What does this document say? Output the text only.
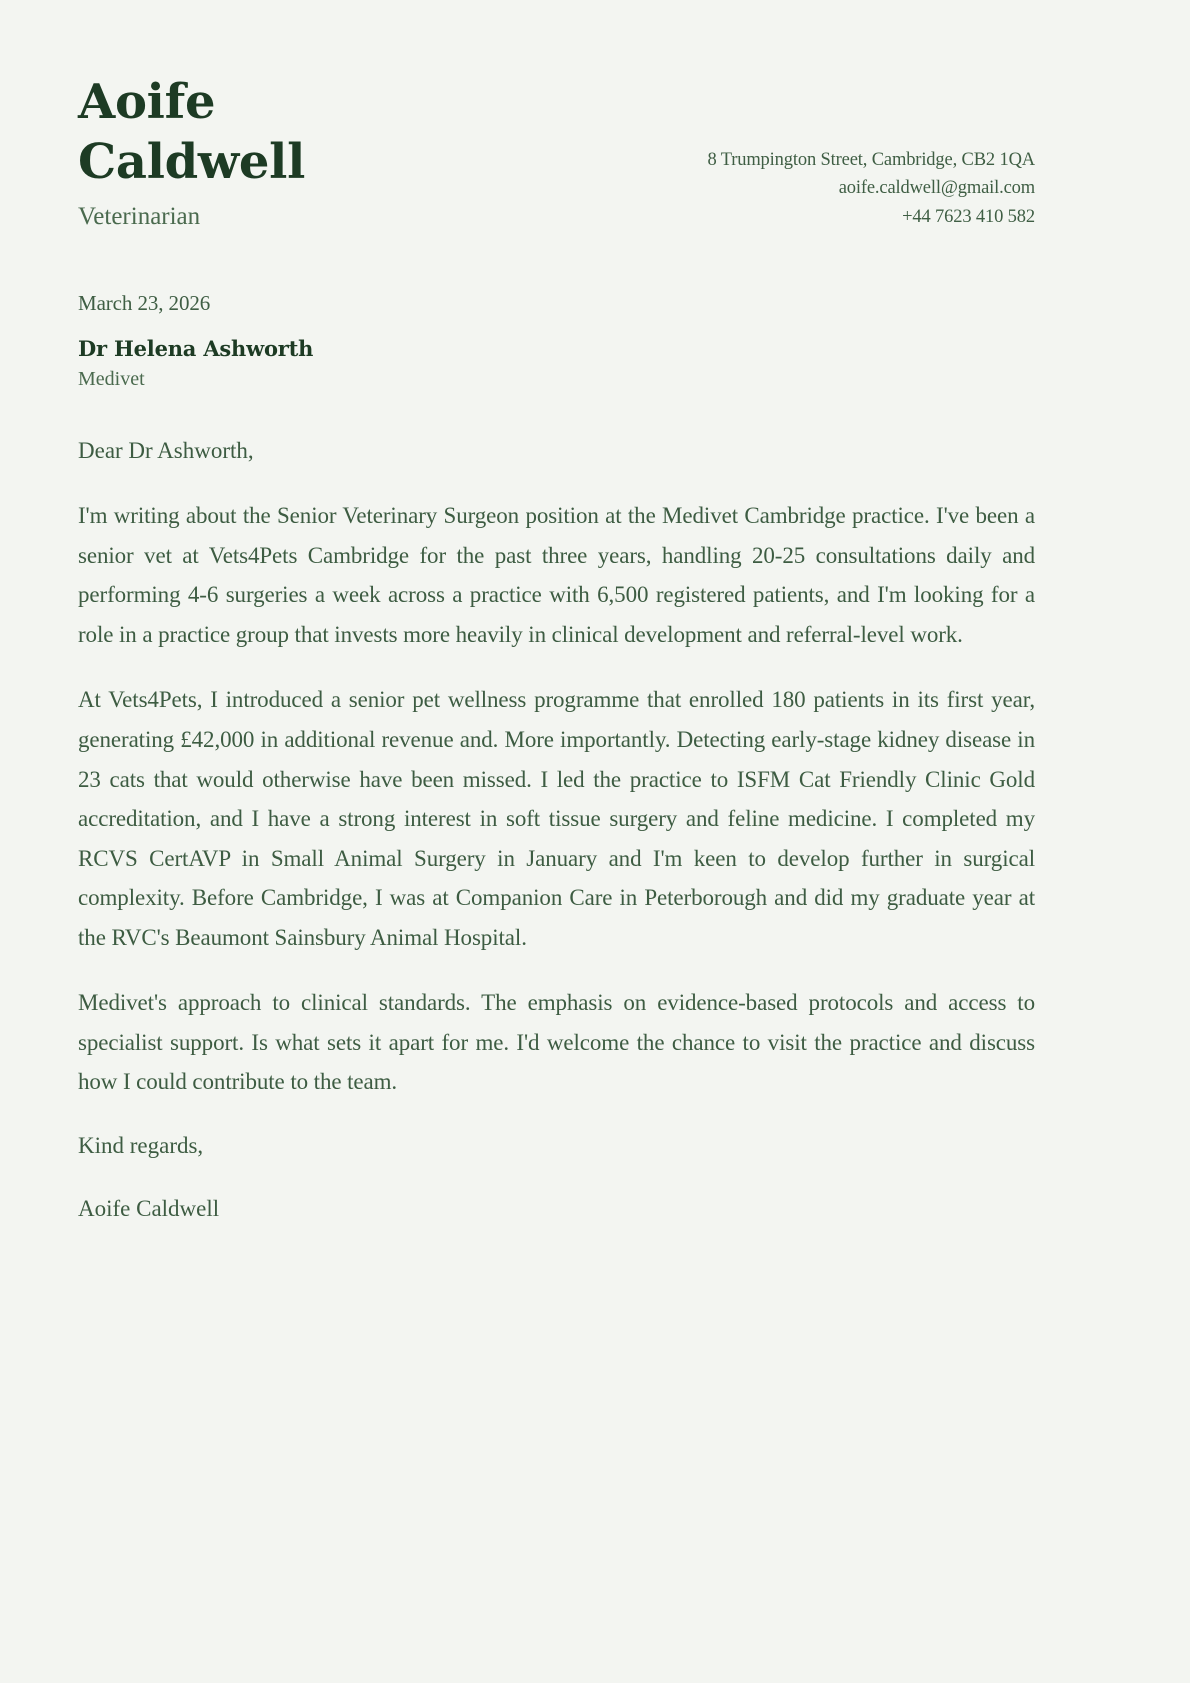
Aoife Caldwell
Veterinarian
8 Trumpington Street, Cambridge, CB2 1QA
aoife.caldwell@gmail.com
+44 7623 410 582
March 23, 2026
Dr Helena Ashworth
Medivet
Dear Dr Ashworth,

I'm writing about the Senior Veterinary Surgeon position at the Medivet Cambridge practice. I've been a senior vet at Vets4Pets Cambridge for the past three years, handling 20-25 consultations daily and performing 4-6 surgeries a week across a practice with 6,500 registered patients, and I'm looking for a role in a practice group that invests more heavily in clinical development and referral-level work.

At Vets4Pets, I introduced a senior pet wellness programme that enrolled 180 patients in its first year, generating £42,000 in additional revenue and. More importantly. Detecting early-stage kidney disease in 23 cats that would otherwise have been missed. I led the practice to ISFM Cat Friendly Clinic Gold accreditation, and I have a strong interest in soft tissue surgery and feline medicine. I completed my RCVS CertAVP in Small Animal Surgery in January and I'm keen to develop further in surgical complexity. Before Cambridge, I was at Companion Care in Peterborough and did my graduate year at the RVC's Beaumont Sainsbury Animal Hospital.

Medivet's approach to clinical standards. The emphasis on evidence-based protocols and access to specialist support. Is what sets it apart for me. I'd welcome the chance to visit the practice and discuss how I could contribute to the team.

Kind regards,
Aoife Caldwell
